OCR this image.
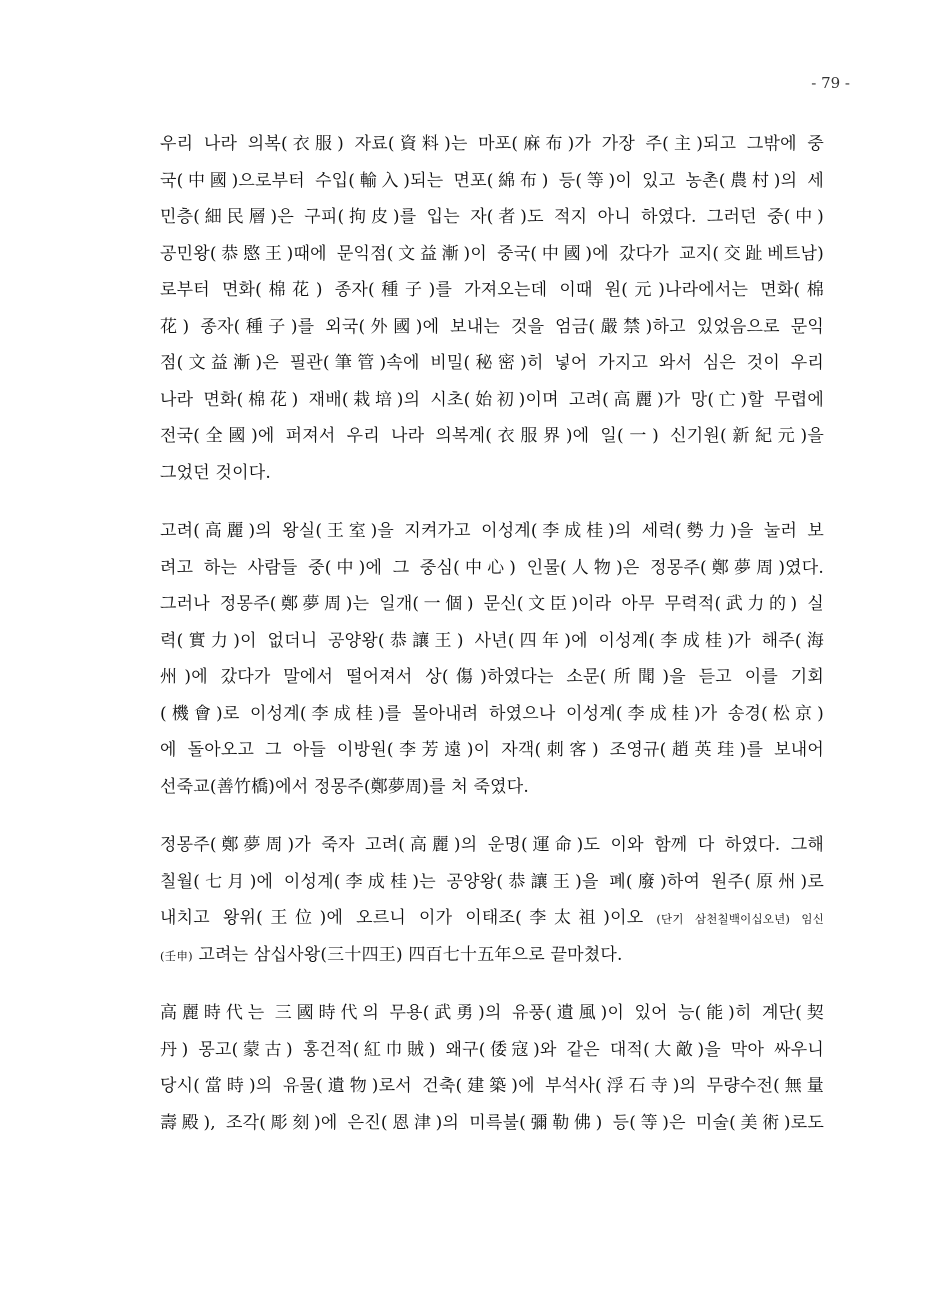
- 79 -
우리 나라 의복(衣服) 자료(資料)는 마포(麻布)가 가장 주(主)되고 그밖에 중
국(中國)으로부터 수입(輸入)되는 면포(綿布) 등(等)이 있고 농촌(農村)의 세
민층(細民層)은 구피(拘皮)를 입는 자(者)도 적지 아니 하였다. 그러던 중(中)
공민왕(恭愍王)때에 문익점(文益漸)이 중국(中國)에 갔다가 교지(交趾베트남)
로부터 면화(棉花) 종자(種子)를 가져오는데 이때 원(元)나라에서는 면화(棉
花) 종자(種子)를 외국(外國)에 보내는 것을 엄금(嚴禁)하고 있었음으로 문익
점(文益漸)은 필관(筆管)속에 비밀(秘密)히 넣어 가지고 와서 심은 것이 우리
나라 면화(棉花) 재배(栽培)의 시초(始初)이며 고려(高麗)가 망(亡)할 무렵에
전국(全國)에 퍼져서 우리 나라 의복계(衣服界)에 일(一) 신기원(新紀元)을
그었던 것이다.
고려(高麗)의 왕실(王室)을 지켜가고 이성계(李成桂)의 세력(勢力)을 눌러 보
려고 하는 사람들 중(中)에 그 중심(中心) 인물(人物)은 정몽주(鄭夢周)였다.
그러나 정몽주(鄭夢周)는 일개(一個) 문신(文臣)이라 아무 무력적(武力的) 실
력(實力)이 없더니 공양왕(恭讓王) 사년(四年)에 이성계(李成桂)가 해주(海
州)에 갔다가 말에서 떨어져서 상(傷)하였다는 소문(所聞)을 듣고 이를 기회
(機會)로 이성계(李成桂)를 몰아내려 하였으나 이성계(李成桂)가 송경(松京)
에 돌아오고 그 아들 이방원(李芳遠)이 자객(刺客) 조영규(趙英珪)를 보내어
선죽교(善竹橋)에서 정몽주(鄭夢周)를 처 죽였다.
정몽주(鄭夢周)가 죽자 고려(高麗)의 운명(運命)도 이와 함께 다 하였다. 그해
칠월(七月)에 이성계(李成桂)는 공양왕(恭讓王)을 폐(廢)하여 원주(原州)로
내치고 왕위(王位)에 오르니 이가 이태조(李太祖)이오 (단기 삼천칠백이십오년) 임신
(壬申) 고려는 삼십사왕(三十四王) 四百七十五年으로 끝마쳤다.
高麗時代는 三國時代의 무용(武勇)의 유풍(遺風)이 있어 능(能)히 계단(契
丹) 몽고(蒙古) 홍건적(紅巾賊) 왜구(倭寇)와 같은 대적(大敵)을 막아 싸우니
당시(當時)의 유물(遺物)로서 건축(建築)에 부석사(浮石寺)의 무량수전(無量
壽殿), 조각(彫刻)에 은진(恩津)의 미륵불(彌勒佛) 등(等)은 미술(美術)로도
